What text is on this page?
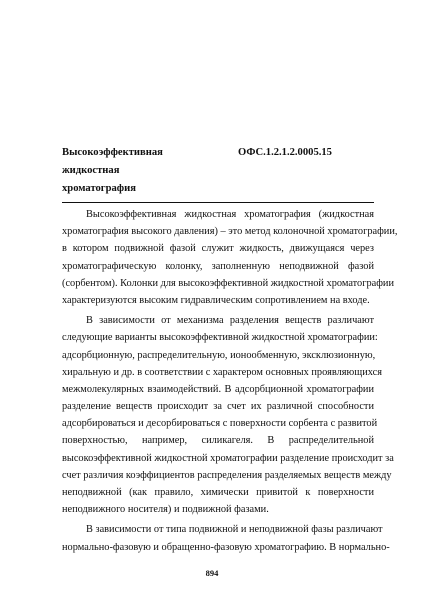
Высокоэффективная
жидкостная
хроматография
ОФС.1.2.1.2.0005.15
Высокоэффективная жидкостная хроматография (жидкостная
хроматография высокого давления) – это метод колоночной хроматографии,
в котором подвижной фазой служит жидкость, движущаяся через
хроматографическую колонку, заполненную неподвижной фазой
(сорбентом). Колонки для высокоэффективной жидкостной хроматографии
характеризуются высоким гидравлическим сопротивлением на входе.
В зависимости от механизма разделения веществ различают
следующие варианты высокоэффективной жидкостной хроматографии:
адсорбционную, распределительную, ионообменную, эксклюзионную,
хиральную и др. в соответствии с характером основных проявляющихся
межмолекулярных взаимодействий. В адсорбционной хроматографии
разделение веществ происходит за счет их различной способности
адсорбироваться и десорбироваться с поверхности сорбента с развитой
поверхностью, например, силикагеля. В распределительной
высокоэффективной жидкостной хроматографии разделение происходит за
счет различия коэффициентов распределения разделяемых веществ между
неподвижной (как правило, химически привитой к поверхности
неподвижного носителя) и подвижной фазами.
В зависимости от типа подвижной и неподвижной фазы различают
нормально-фазовую и обращенно-фазовую хроматографию. В нормально-
894
